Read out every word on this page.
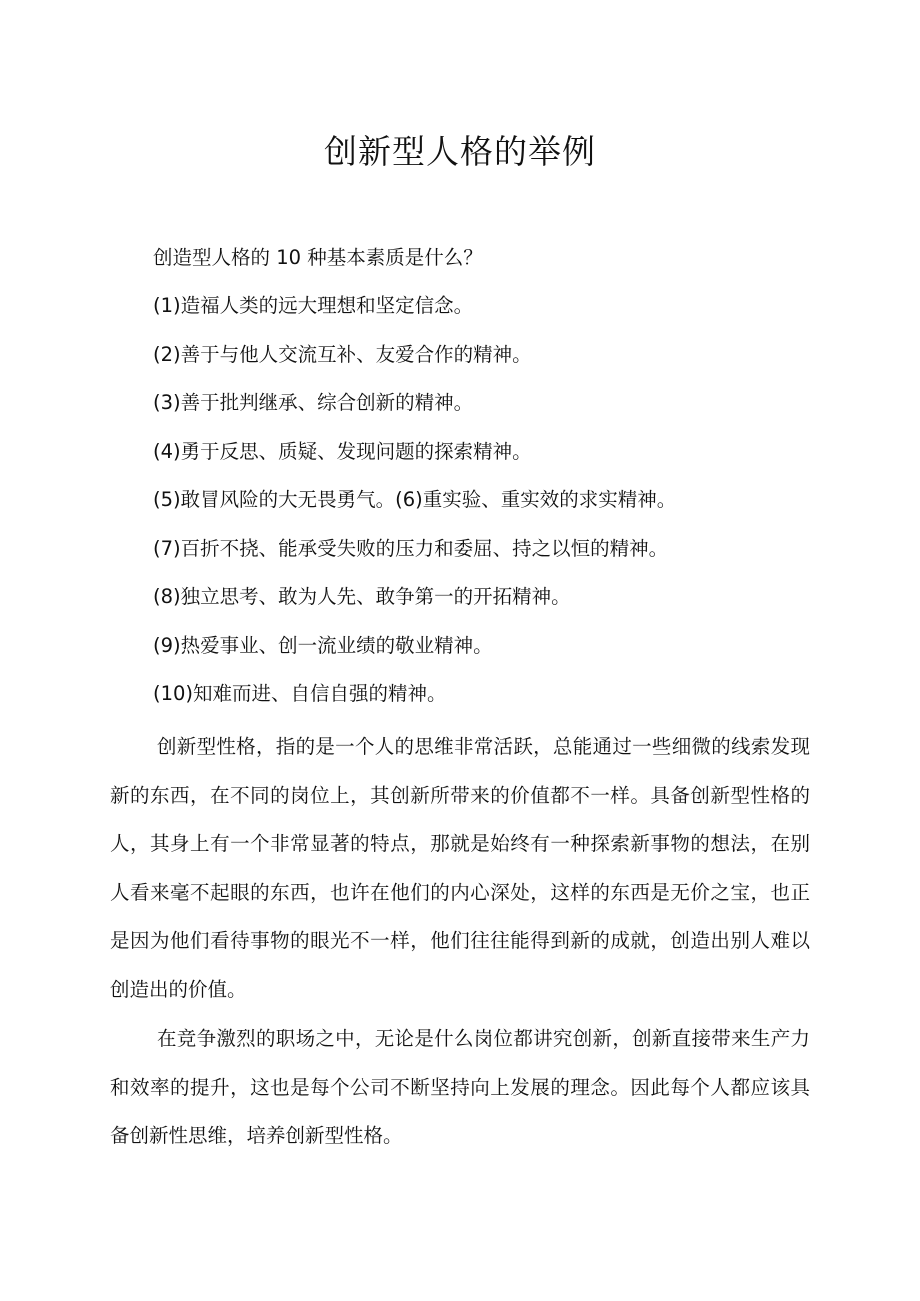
创新型人格的举例

创造型人格的 10 种基本素质是什么？

(1)造福人类的远大理想和坚定信念。
(2)善于与他人交流互补、友爱合作的精神。
(3)善于批判继承、综合创新的精神。
(4)勇于反思、质疑、发现问题的探索精神。
(5)敢冒风险的大无畏勇气。(6)重实验、重实效的求实精神。
(7)百折不挠、能承受失败的压力和委屈、持之以恒的精神。
(8)独立思考、敢为人先、敢争第一的开拓精神。
(9)热爱事业、创一流业绩的敬业精神。
(10)知难而进、自信自强的精神。

创新型性格，指的是一个人的思维非常活跃，总能通过一些细微的线索发现新的东西，在不同的岗位上，其创新所带来的价值都不一样。具备创新型性格的人，其身上有一个非常显著的特点，那就是始终有一种探索新事物的想法，在别人看来毫不起眼的东西，也许在他们的内心深处，这样的东西是无价之宝，也正是因为他们看待事物的眼光不一样，他们往往能得到新的成就，创造出别人难以创造出的价值。

在竞争激烈的职场之中，无论是什么岗位都讲究创新，创新直接带来生产力和效率的提升，这也是每个公司不断坚持向上发展的理念。因此每个人都应该具备创新性思维，培养创新型性格。
